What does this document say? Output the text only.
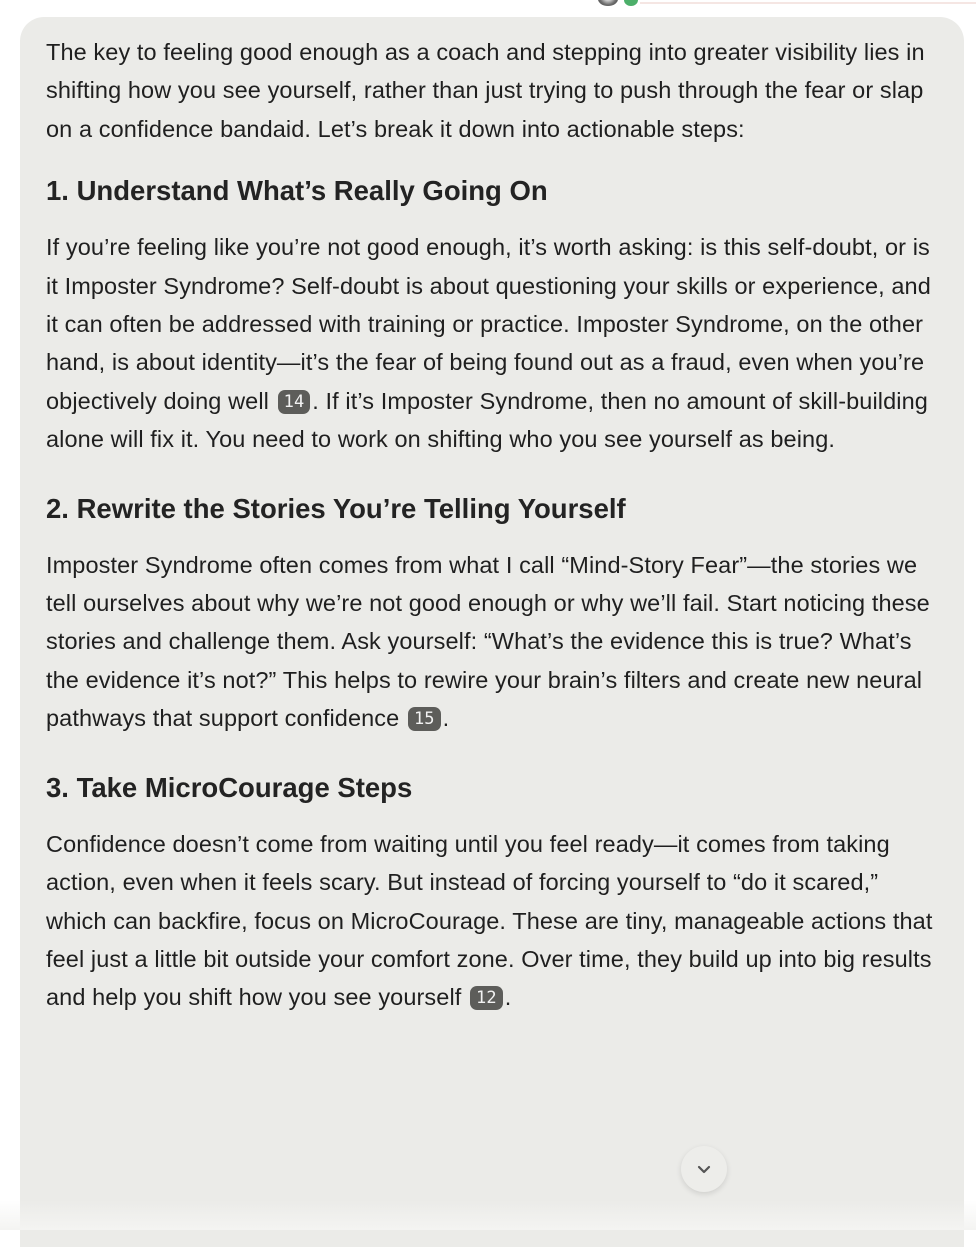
The key to feeling good enough as a coach and stepping into greater visibility lies in shifting how you see yourself, rather than just trying to push through the fear or slap on a confidence bandaid. Let’s break it down into actionable steps:

1. Understand What’s Really Going On

If you’re feeling like you’re not good enough, it’s worth asking: is this self-doubt, or is it Imposter Syndrome? Self-doubt is about questioning your skills or experience, and it can often be addressed with training or practice. Imposter Syndrome, on the other hand, is about identity—it’s the fear of being found out as a fraud, even when you’re objectively doing well 14 . If it’s Imposter Syndrome, then no amount of skill-building alone will fix it. You need to work on shifting who you see yourself as being.

2. Rewrite the Stories You’re Telling Yourself

Imposter Syndrome often comes from what I call “Mind-Story Fear”—the stories we tell ourselves about why we’re not good enough or why we’ll fail. Start noticing these stories and challenge them. Ask yourself: “What’s the evidence this is true? What’s the evidence it’s not?” This helps to rewire your brain’s filters and create new neural pathways that support confidence 15 .

3. Take MicroCourage Steps

Confidence doesn’t come from waiting until you feel ready—it comes from taking action, even when it feels scary. But instead of forcing yourself to “do it scared,” which can backfire, focus on MicroCourage. These are tiny, manageable actions that feel just a little bit outside your comfort zone. Over time, they build up into big results and help you shift how you see yourself 12 .
